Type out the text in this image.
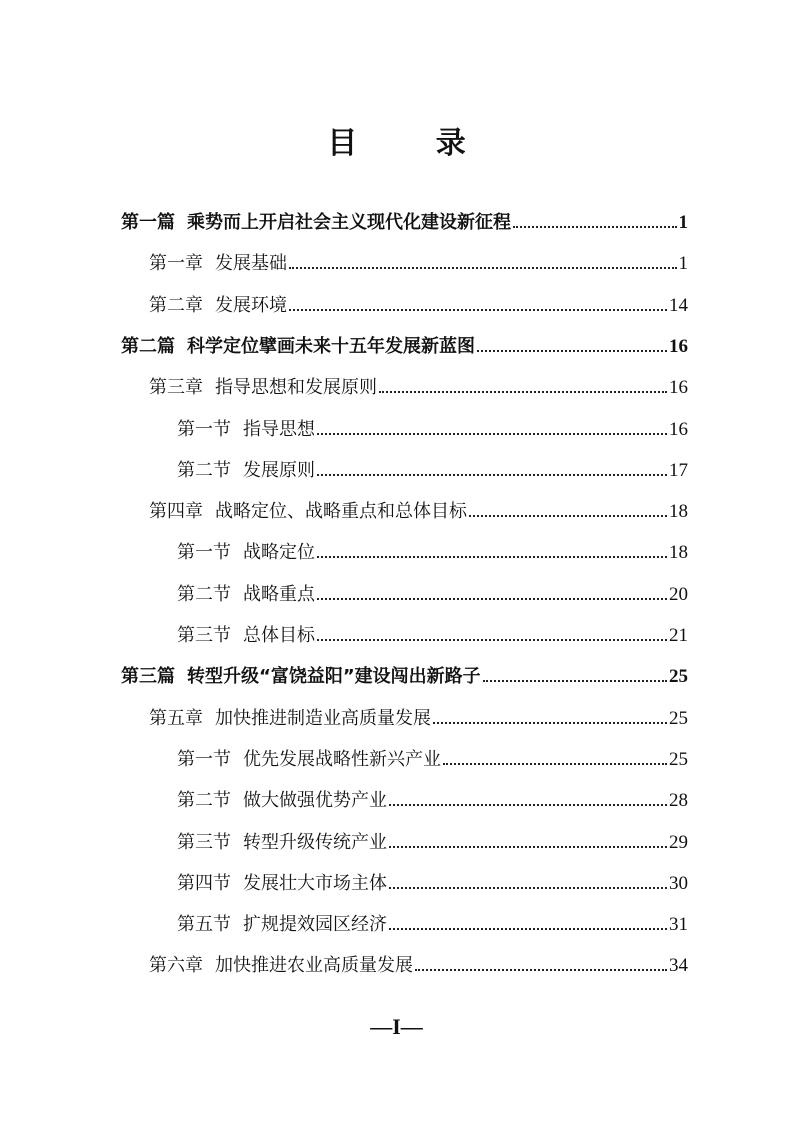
目 录
第一篇 乘势而上开启社会主义现代化建设新征程	1
第一章 发展基础	1
第二章 发展环境	14
第二篇 科学定位擘画未来十五年发展新蓝图	16
第三章 指导思想和发展原则	16
第一节 指导思想	16
第二节 发展原则	17
第四章 战略定位、战略重点和总体目标	18
第一节 战略定位	18
第二节 战略重点	20
第三节 总体目标	21
第三篇 转型升级“富饶益阳”建设闯出新路子	25
第五章 加快推进制造业高质量发展	25
第一节 优先发展战略性新兴产业	25
第二节 做大做强优势产业	28
第三节 转型升级传统产业	29
第四节 发展壮大市场主体	30
第五节 扩规提效园区经济	31
第六章 加快推进农业高质量发展	34
—I—
